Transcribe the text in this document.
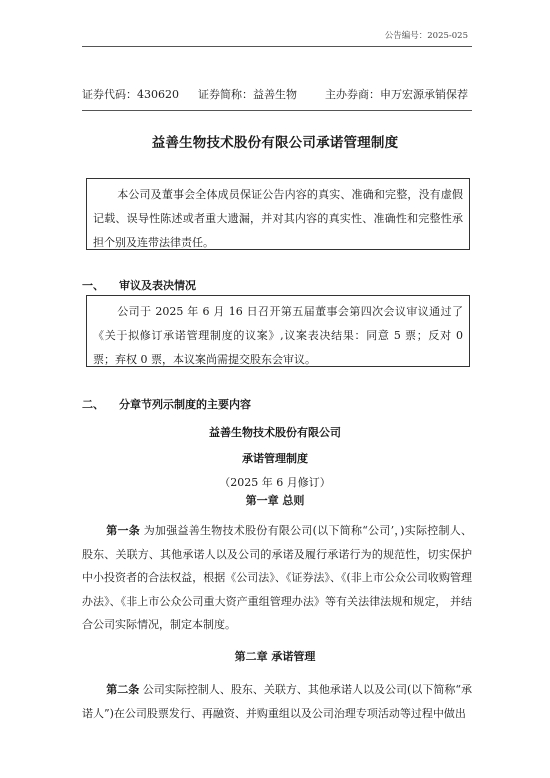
公告编号：2025-025
证券代码：430620 证券简称：益善生物	主办券商：申万宏源承销保荐
益善生物技术股份有限公司承诺管理制度

本公司及董事会全体成员保证公告内容的真实、准确和完整，没有虚假记载、误导性陈述或者重大遗漏，并对其内容的真实性、准确性和完整性承担个别及连带法律责任。

一、 审议及表决情况

公司于 2025 年 6 月 16 日召开第五届董事会第四次会议审议通过了《关于拟修订承诺管理制度的议案》,议案表决结果：同意 5 票；反对 0 票；弃权 0 票，本议案尚需提交股东会审议。

二、 分章节列示制度的主要内容
益善生物技术股份有限公司
承诺管理制度
（2025 年 6 月修订）
第一章 总则

第一条 为加强益善生物技术股份有限公司(以下简称“公司’，)实际控制人、股东、关联方、其他承诺人以及公司的承诺及履行承诺行为的规范性，切实保护中小投资者的合法权益，根据《公司法》、《证券法》、《(非上市公众公司收购管理办法》、《非上市公众公司重大资产重组管理办法》等有关法律法规和规定， 并结合公司实际情况，制定本制度。

第二章 承诺管理

第二条 公司实际控制人、股东、关联方、其他承诺人以及公司(以下简称“承诺人”)在公司股票发行、再融资、并购重组以及公司治理专项活动等过程中做出
